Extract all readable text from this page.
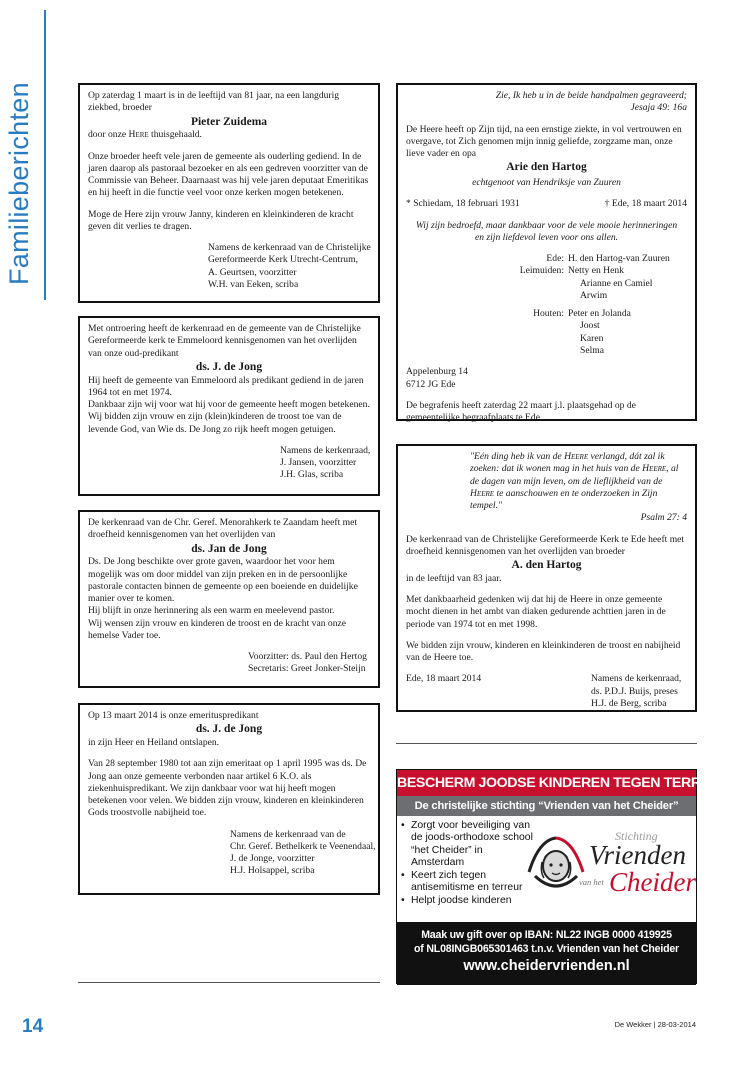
Familieberichten	Op zaterdag 1 maart is in de leeftijd van 81 jaar, na een langdurig ziekbed, broeder

Pieter Zuidema

door onze Here thuisgehaald.

Onze broeder heeft vele jaren de gemeente als ouderling gediend. In de jaren daarop als pastoraal bezoeker en als een gedreven voorzitter van de Commissie van Beheer. Daarnaast was hij vele jaren deputaat Emeritikas en hij heeft in die functie veel voor onze kerken mogen betekenen.

Moge de Here zijn vrouw Janny, kinderen en kleinkinderen de kracht geven dit verlies te dragen.

Namens de kerkenraad van de Christelijke

Gereformeerde Kerk Utrecht-Centrum,

A. Geurtsen, voorzitter

W.H. van Eeken, scriba

Met ontroering heeft de kerkenraad en de gemeente van de Christelijke Gereformeerde kerk te Emmeloord kennisgenomen van het overlijden van onze oud-predikant

ds. J. de Jong

Hij heeft de gemeente van Emmeloord als predikant gediend in de jaren 1964 tot en met 1974.

Dankbaar zijn wij voor wat hij voor de gemeente heeft mogen betekenen.

Wij bidden zijn vrouw en zijn (klein)kinderen de troost toe van de levende God, van Wie ds. De Jong zo rijk heeft mogen getuigen.

Namens de kerkenraad,

J. Jansen, voorzitter

J.H. Glas, scriba

De kerkenraad van de Chr. Geref. Menorahkerk te Zaandam heeft met droefheid kennisgenomen van het overlijden van

ds. Jan de Jong

Ds. De Jong beschikte over grote gaven, waardoor het voor hem mogelijk was om door middel van zijn preken en in de persoonlijke pastorale contacten binnen de gemeente op een boeiende en duidelijke manier over te komen.

Hij blijft in onze herinnering als een warm en meelevend pastor.

Wij wensen zijn vrouw en kinderen de troost en de kracht van onze hemelse Vader toe.

Voorzitter: ds. Paul den Hertog

Secretaris: Greet Jonker-Steijn

Op 13 maart 2014 is onze emerituspredikant

ds. J. de Jong

in zijn Heer en Heiland ontslapen.

Van 28 september 1980 tot aan zijn emeritaat op 1 april 1995 was ds. De Jong aan onze gemeente verbonden naar artikel 6 K.O. als ziekenhuispredikant. We zijn dankbaar voor wat hij heeft mogen betekenen voor velen. We bidden zijn vrouw, kinderen en kleinkinderen Gods troostvolle nabijheid toe.

Namens de kerkenraad van de

Chr. Geref. Bethelkerk te Veenendaal,

J. de Jonge, voorzitter

H.J. Holsappel, scriba

Zie, Ik heb u in de beide handpalmen gegraveerd;

Jesaja 49: 16a

De Heere heeft op Zijn tijd, na een ernstige ziekte, in vol vertrouwen en overgave, tot Zich genomen mijn innig geliefde, zorgzame man, onze lieve vader en opa

Arie den Hartog

echtgenoot van Hendriksje van Zuuren

* Schiedam, 18 februari 1931	† Ede, 18 maart 2014

Wij zijn bedroefd, maar dankbaar voor de vele mooie herinneringen

en zijn liefdevol leven voor ons allen.

Ede: H. den Hartog-van Zuuren
Leimuiden: Netty en Henk
Arianne en Camiel
Arwim
Houten: Peter en Jolanda
Joost
Karen
Selma

Appelenburg 14

6712 JG Ede

De begrafenis heeft zaterdag 22 maart j.l. plaatsgehad op de gemeentelijke begraafplaats te Ede.

"Eén ding heb ik van de Heere verlangd, dát zal ik zoeken: dat ik wonen mag in het huis van de Heere, al de dagen van mijn leven, om de lieflijkheid van de Heere te aanschouwen en te onderzoeken in Zijn tempel."

Psalm 27: 4

De kerkenraad van de Christelijke Gereformeerde Kerk te Ede heeft met droefheid kennisgenomen van het overlijden van broeder

A. den Hartog

in de leeftijd van 83 jaar.

Met dankbaarheid gedenken wij dat hij de Heere in onze gemeente mocht dienen in het ambt van diaken gedurende achttien jaren in de periode van 1974 tot en met 1998.

We bidden zijn vrouw, kinderen en kleinkinderen de troost en nabijheid van de Heere toe.

Ede, 18 maart 2014	Namens de kerkenraad,

ds. P.D.J. Buijs, preses

H.J. de Berg, scriba

BESCHERM JOODSE KINDEREN TEGEN TERREUR!
De christelijke stichting “Vrienden van het Cheider”
• Zorgt voor beveiliging van de joods-orthodoxe school “het Cheider” in Amsterdam
• Keert zich tegen antisemitisme en terreur
• Helpt joodse kinderen
Stichting
Vrienden
van het Cheider
Maak uw gift over op IBAN: NL22 INGB 0000 419925
of NL08INGB065301463 t.n.v. Vrienden van het Cheider
www.cheidervrienden.nl
14	De Wekker | 28-03-2014
